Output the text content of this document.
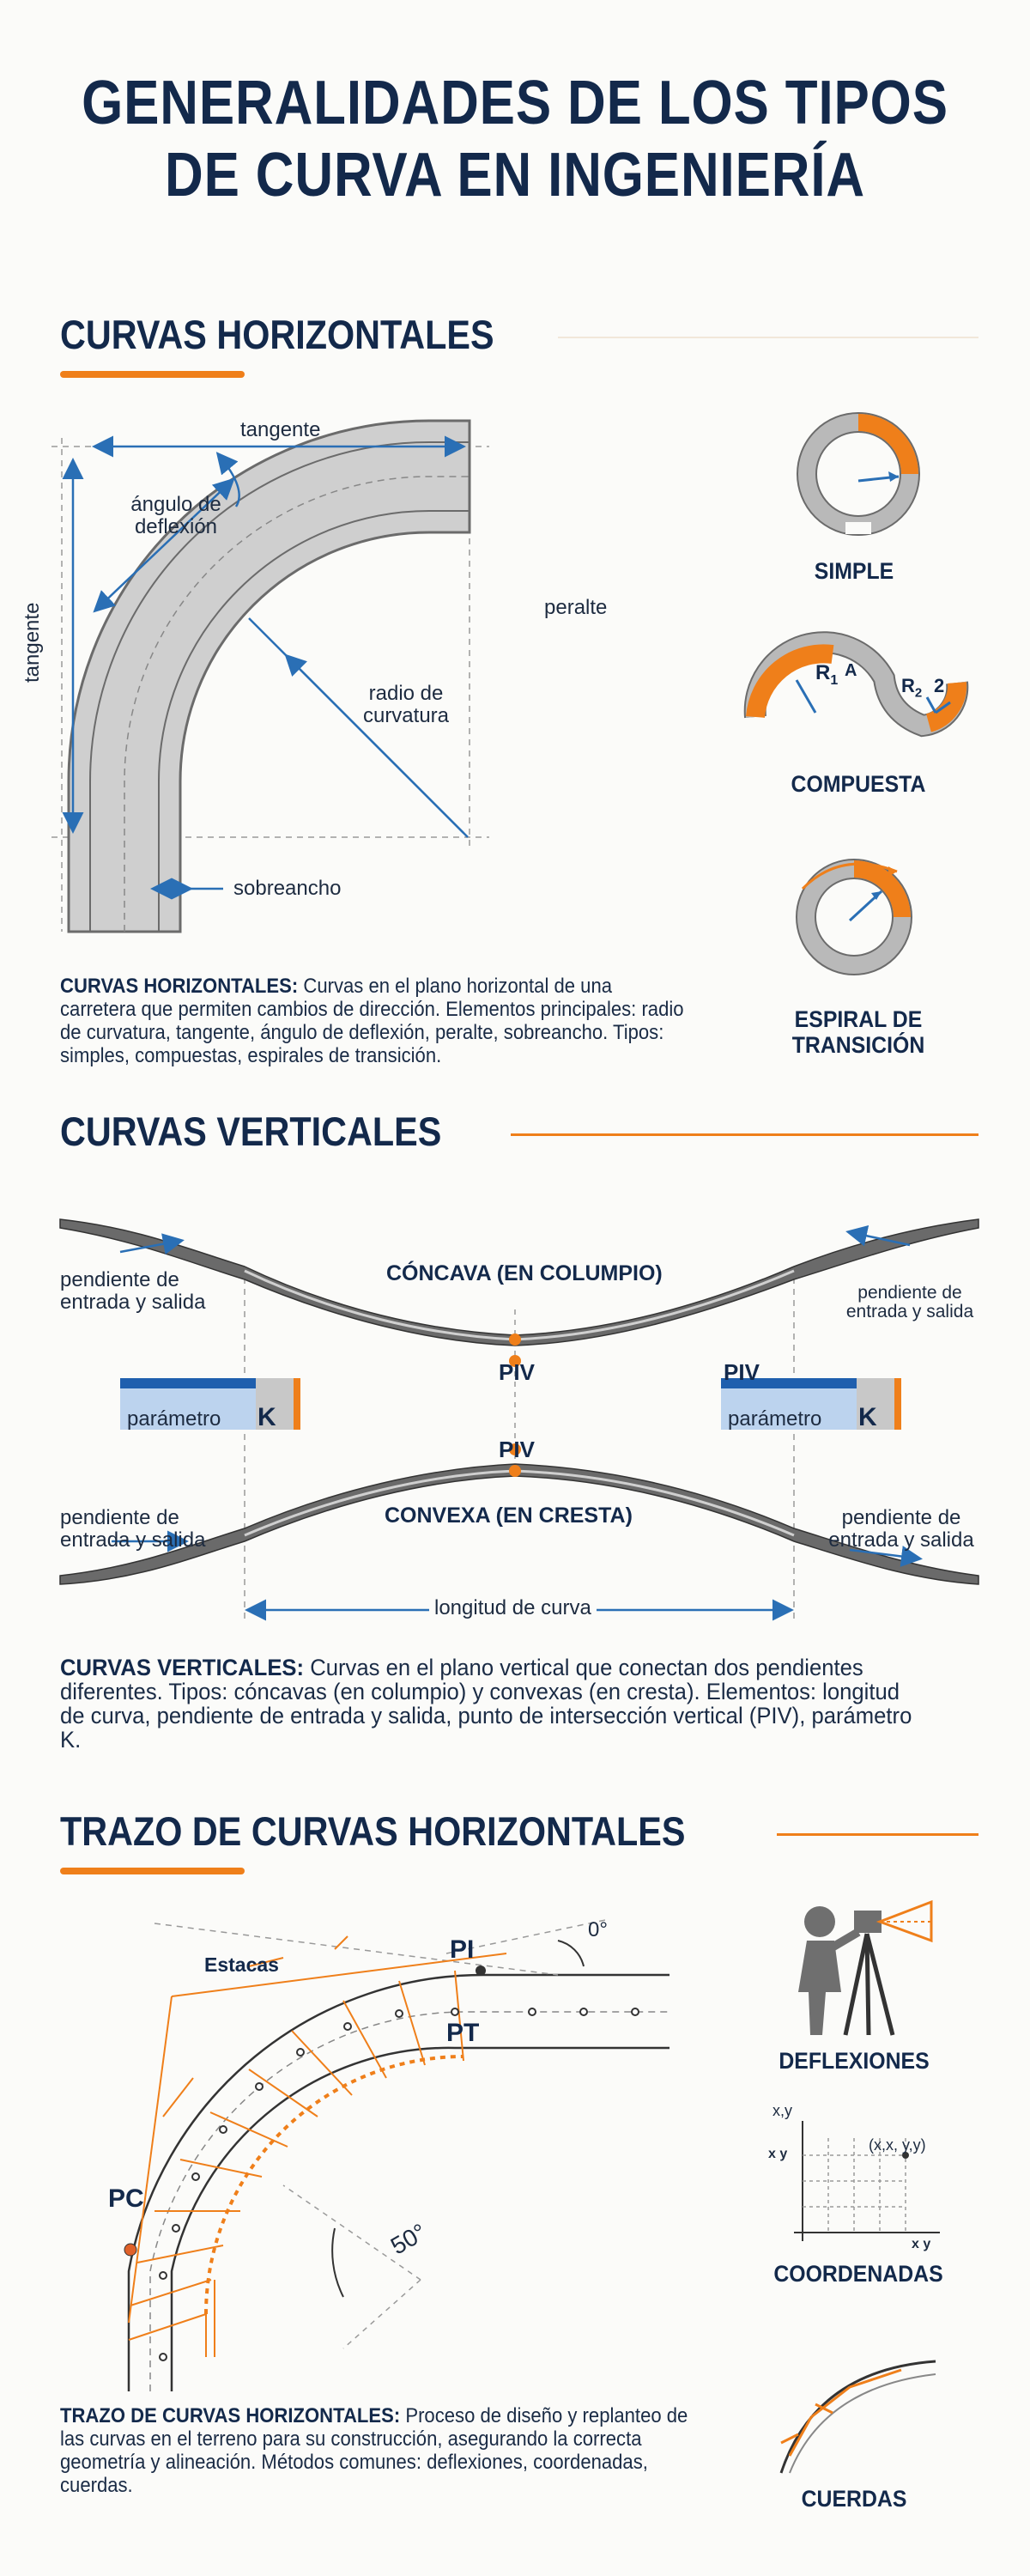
GENERALIDADES DE LOS TIPOS
DE CURVA EN INGENIERÍA
CURVAS HORIZONTALES
tangente
ángulo de
deflexión
tangente	peralte
radio de
curvatura
sobreancho
SIMPLE
$R_1$
A
$R_2$ 2
COMPUESTA
ESPIRAL DE
TRANSICIÓN
CURVAS HORIZONTALES: Curvas en el plano horizontal de una carretera que permiten cambios de dirección. Elementos principales: radio de curvatura, tangente, ángulo de deflexión, peralte, sobreancho. Tipos: simples, compuestas, espirales de transición.
CURVAS VERTICALES
pendiente de
entrada y salida
CÓNCAVA (EN COLUMPIO)
pendiente de
entrada y salida
PIV	PIV
parámetro K	parámetro K
PIV
CONVEXA (EN CRESTA)
pendiente de
entrada y salida
pendiente de
entrada y salida
longitud de curva
CURVAS VERTICALES: Curvas en el plano vertical que conectan dos pendientes diferentes. Tipos: cóncavas (en columpio) y convexas (en cresta). Elementos: longitud de curva, pendiente de entrada y salida, punto de intersección vertical (PIV), parámetro K.
TRAZO DE CURVAS HORIZONTALES
Estacas
PI
PT
PC
50°
0°
DEFLEXIONES
x,y
x y
(x,x, y,y)
x y
COORDENADAS
CUERDAS
TRAZO DE CURVAS HORIZONTALES: Proceso de diseño y replanteo de las curvas en el terreno para su construcción, asegurando la correcta geometría y alineación. Métodos comunes: deflexiones, coordenadas, cuerdas.
